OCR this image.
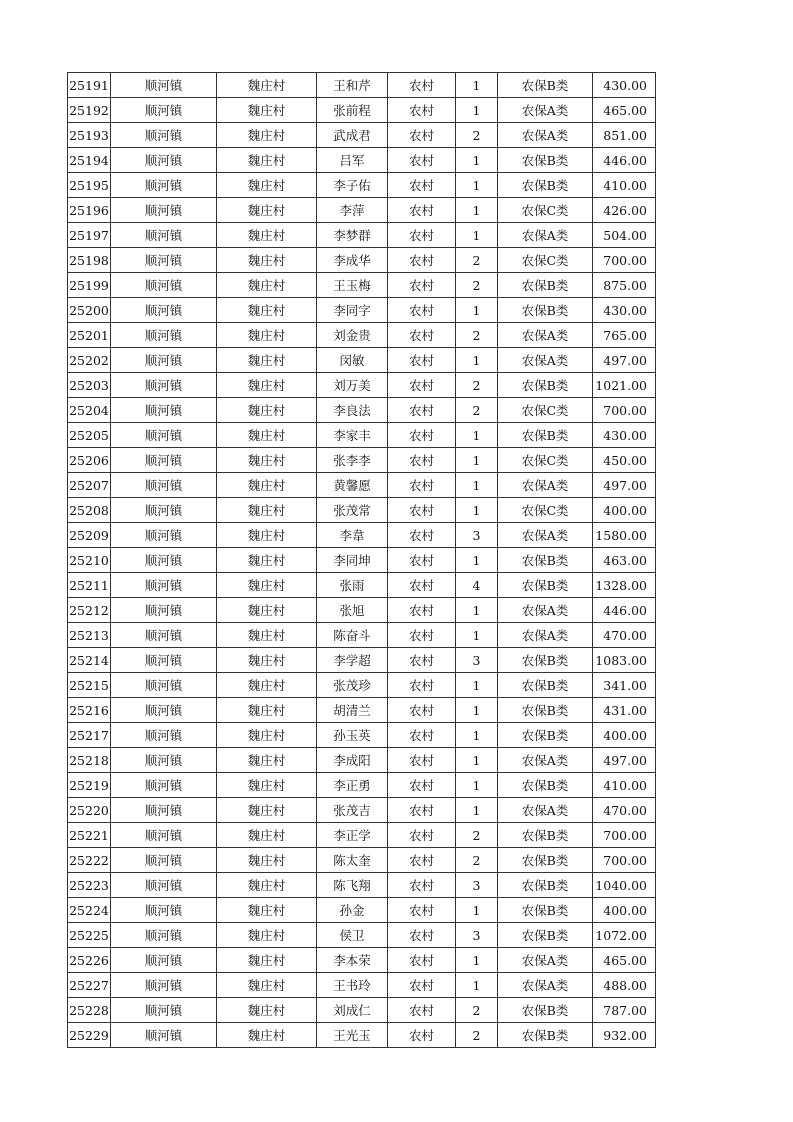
25191	顺河镇	魏庄村	王和芹	农村	1	农保B类	430.00
25192	顺河镇	魏庄村	张前程	农村	1	农保A类	465.00
25193	顺河镇	魏庄村	武成君	农村	2	农保A类	851.00
25194	顺河镇	魏庄村	吕军	农村	1	农保B类	446.00
25195	顺河镇	魏庄村	李子佑	农村	1	农保B类	410.00
25196	顺河镇	魏庄村	李萍	农村	1	农保C类	426.00
25197	顺河镇	魏庄村	李梦群	农村	1	农保A类	504.00
25198	顺河镇	魏庄村	李成华	农村	2	农保C类	700.00
25199	顺河镇	魏庄村	王玉梅	农村	2	农保B类	875.00
25200	顺河镇	魏庄村	李同字	农村	1	农保B类	430.00
25201	顺河镇	魏庄村	刘金贵	农村	2	农保A类	765.00
25202	顺河镇	魏庄村	闵敏	农村	1	农保A类	497.00
25203	顺河镇	魏庄村	刘万美	农村	2	农保B类	1021.00
25204	顺河镇	魏庄村	李良法	农村	2	农保C类	700.00
25205	顺河镇	魏庄村	李家丰	农村	1	农保B类	430.00
25206	顺河镇	魏庄村	张李李	农村	1	农保C类	450.00
25207	顺河镇	魏庄村	黄馨愿	农村	1	农保A类	497.00
25208	顺河镇	魏庄村	张茂常	农村	1	农保C类	400.00
25209	顺河镇	魏庄村	李韋	农村	3	农保A类	1580.00
25210	顺河镇	魏庄村	李同坤	农村	1	农保B类	463.00
25211	顺河镇	魏庄村	张雨	农村	4	农保B类	1328.00
25212	顺河镇	魏庄村	张旭	农村	1	农保A类	446.00
25213	顺河镇	魏庄村	陈奋斗	农村	1	农保A类	470.00
25214	顺河镇	魏庄村	李学超	农村	3	农保B类	1083.00
25215	顺河镇	魏庄村	张茂珍	农村	1	农保B类	341.00
25216	顺河镇	魏庄村	胡清兰	农村	1	农保B类	431.00
25217	顺河镇	魏庄村	孙玉英	农村	1	农保B类	400.00
25218	顺河镇	魏庄村	李成阳	农村	1	农保A类	497.00
25219	顺河镇	魏庄村	李正勇	农村	1	农保B类	410.00
25220	顺河镇	魏庄村	张茂吉	农村	1	农保A类	470.00
25221	顺河镇	魏庄村	李正学	农村	2	农保B类	700.00
25222	顺河镇	魏庄村	陈太奎	农村	2	农保B类	700.00
25223	顺河镇	魏庄村	陈飞翔	农村	3	农保B类	1040.00
25224	顺河镇	魏庄村	孙金	农村	1	农保B类	400.00
25225	顺河镇	魏庄村	侯卫	农村	3	农保B类	1072.00
25226	顺河镇	魏庄村	李本荣	农村	1	农保A类	465.00
25227	顺河镇	魏庄村	王书玲	农村	1	农保A类	488.00
25228	顺河镇	魏庄村	刘成仁	农村	2	农保B类	787.00
25229	顺河镇	魏庄村	王光玉	农村	2	农保B类	932.00
